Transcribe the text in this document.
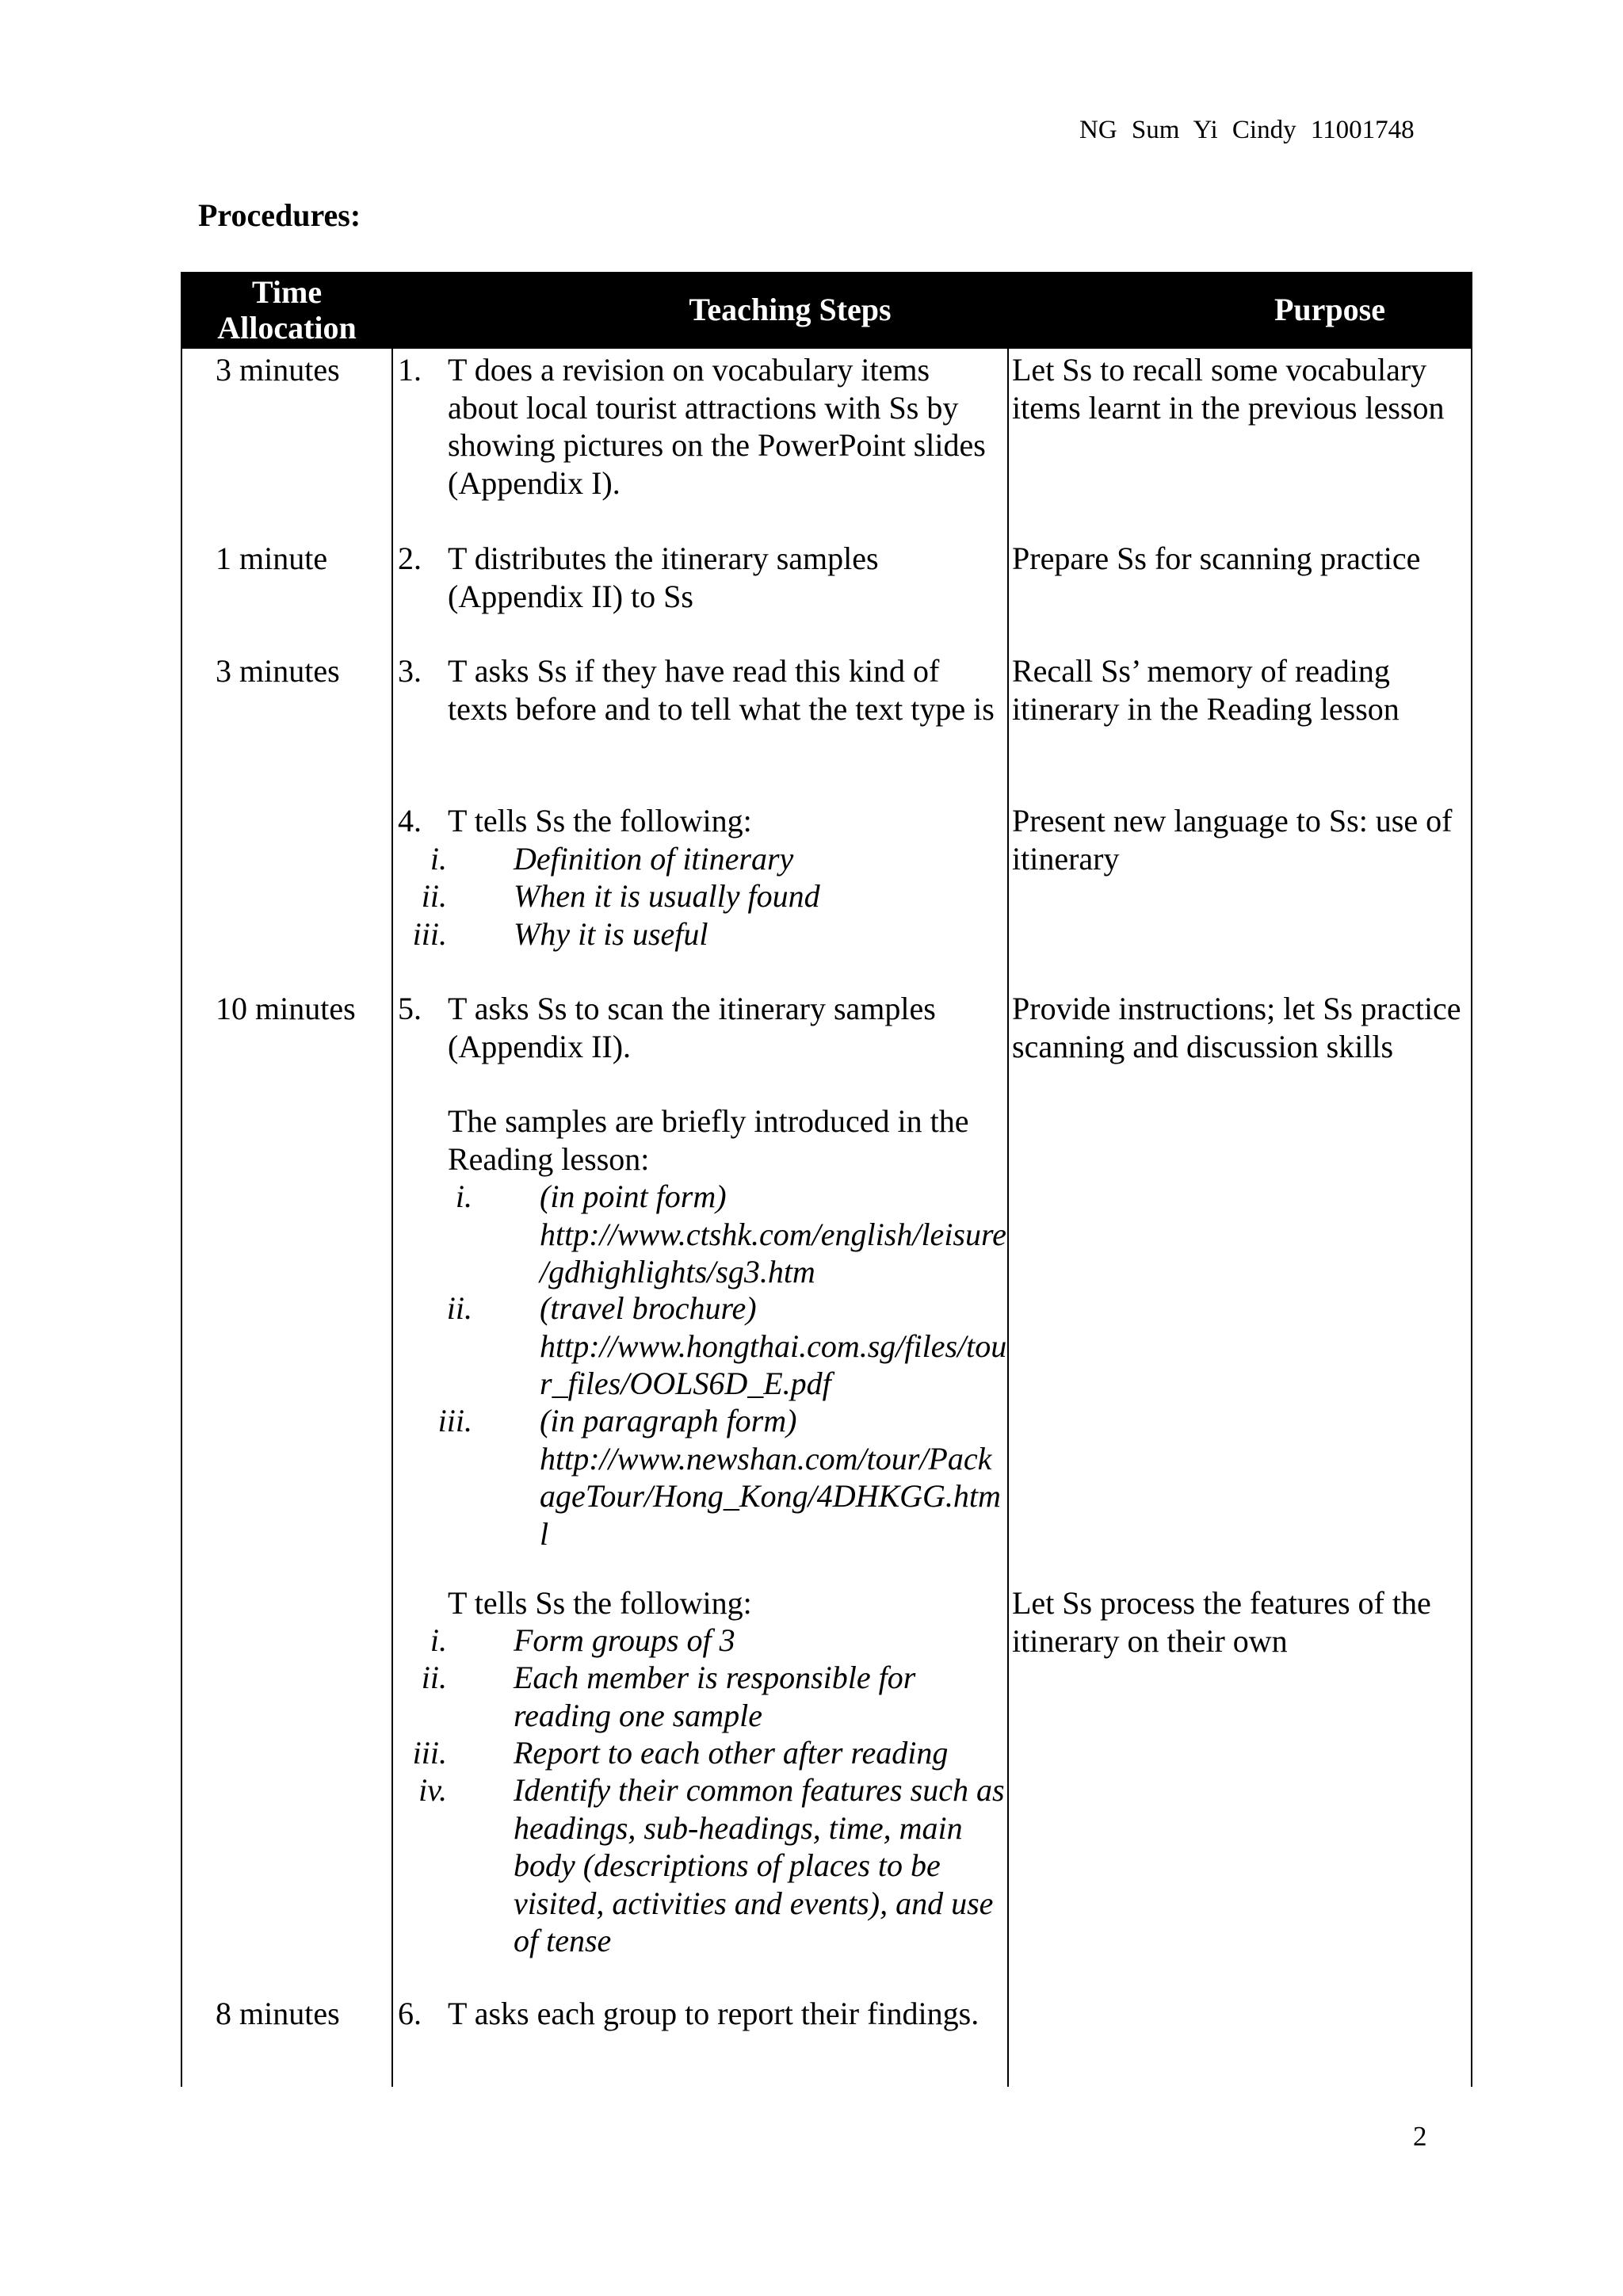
NG Sum Yi Cindy 11001748
Procedures:
Time Allocation
Teaching Steps	Purpose
3 minutes 1. T does a revision on vocabulary items about local tourist attractions with Ss by showing pictures on the PowerPoint slides (Appendix I).
Let Ss to recall some vocabulary items learnt in the previous lesson
1 minute 2. T distributes the itinerary samples (Appendix II) to Ss
Prepare Ss for scanning practice
3 minutes 3. T asks Ss if they have read this kind of texts before and to tell what the text type is
Recall Ss’ memory of reading itinerary in the Reading lesson
4. T tells Ss the following:
i. Definition of itinerary
ii. When it is usually found
iii. Why it is useful
Present new language to Ss: use of itinerary
10 minutes 5. T asks Ss to scan the itinerary samples (Appendix II).
The samples are briefly introduced in the Reading lesson:
i. (in point form) http://www.ctshk.com/english/leisure/gdhighlights/sg3.htm
ii. (travel brochure) http://www.hongthai.com.sg/files/tour_files/OOLS6D_E.pdf
iii. (in paragraph form) http://www.newshan.com/tour/PackageTour/Hong_Kong/4DHKGG.html
T tells Ss the following:
i. Form groups of 3
ii. Each member is responsible for reading one sample
iii. Report to each other after reading
iv. Identify their common features such as headings, sub-headings, time, main body (descriptions of places to be visited, activities and events), and use of tense
Provide instructions; let Ss practice scanning and discussion skills
Let Ss process the features of the itinerary on their own
8 minutes 6. T asks each group to report their findings.
2
